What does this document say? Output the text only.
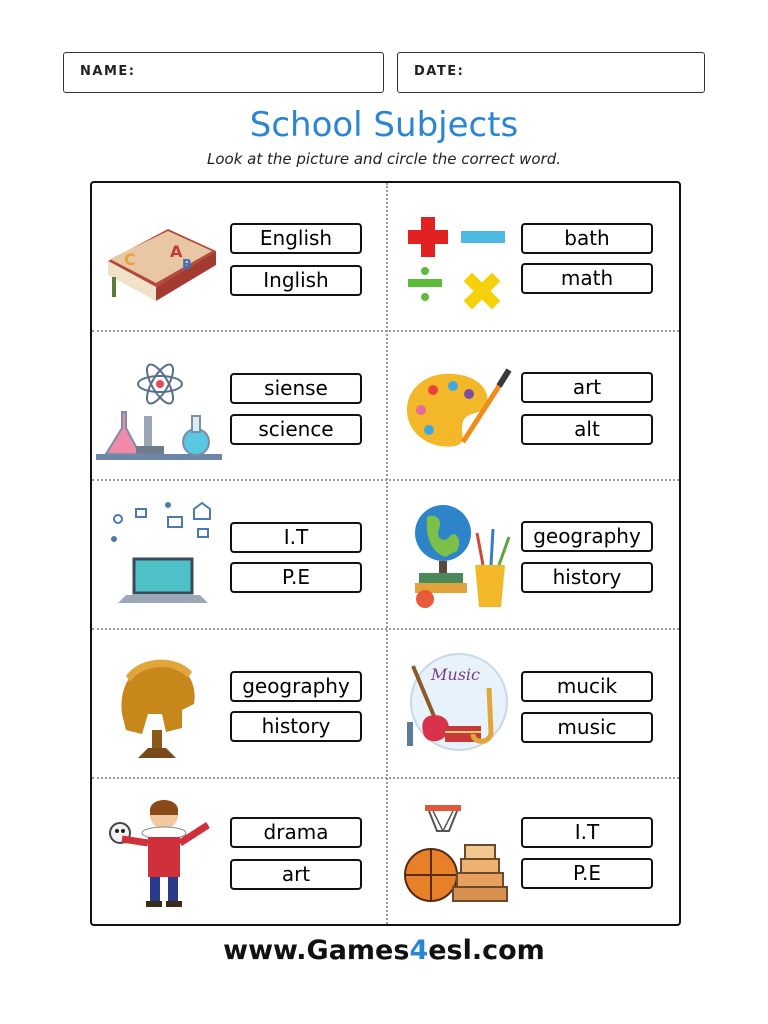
NAME:	DATE:
School Subjects
Look at the picture and circle the correct word.
A
B
C
English
Inglish
bath
math
siense
science
art
alt
I.T
P.E
geography
history
geography
history
Music	mucik
music
drama
art
I.T
P.E
www.Games4esl.com
